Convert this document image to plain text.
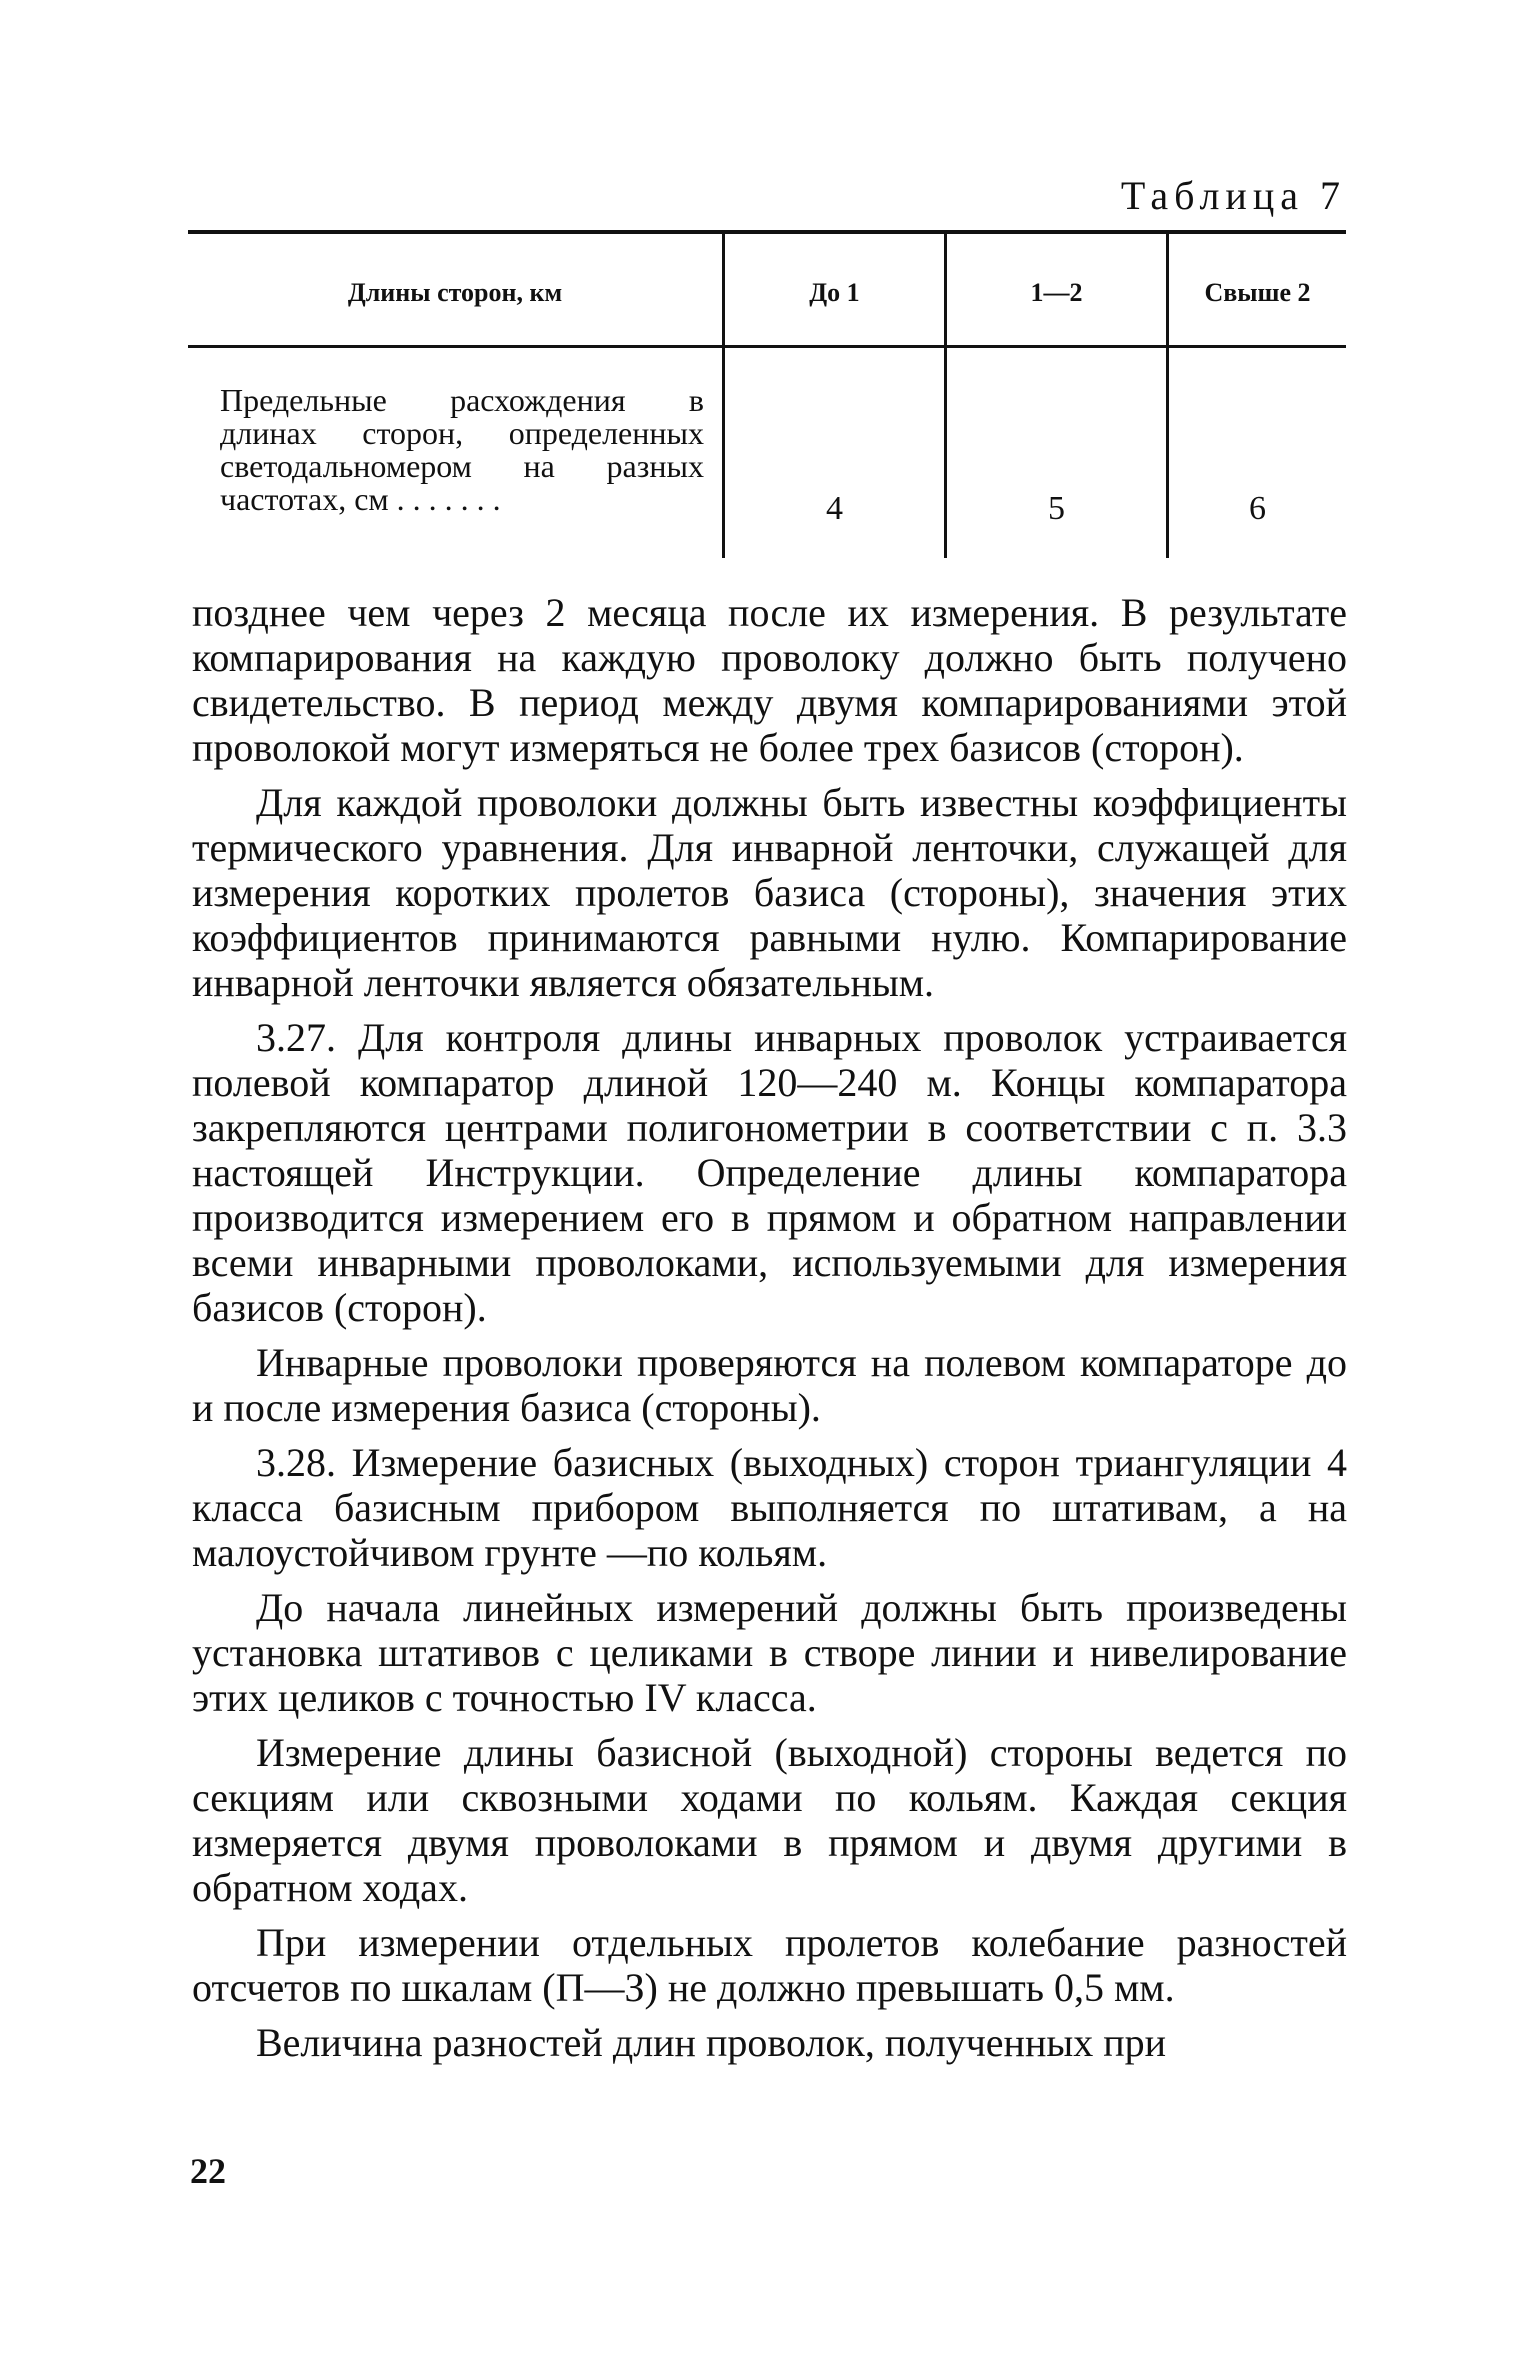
Таблица 7
Длины сторон, км	До 1	1—2	Свыше 2
Предельные расхождения в
длинах сторон, определенных
светодальномером на разных
частотах, см . . . . . . .	4	5	6

позднее чем через 2 месяца после их измерения. В результате компарирования на каждую проволоку должно быть получено свидетельство. В период между двумя компарированиями этой проволокой могут измеряться не более трех базисов (сторон).

Для каждой проволоки должны быть известны коэффициенты термического уравнения. Для инварной ленточки, служащей для измерения коротких пролетов базиса (стороны), значения этих коэффициентов принимаются равными нулю. Компарирование инварной ленточки является обязательным.

3.27. Для контроля длины инварных проволок устраивается полевой компаратор длиной 120—240 м. Концы компаратора закрепляются центрами полигонометрии в соответствии с п. 3.3 настоящей Инструкции. Определение длины компаратора производится измерением его в прямом и обратном направлении всеми инварными проволоками, используемыми для измерения базисов (сторон).

Инварные проволоки проверяются на полевом компараторе до и после измерения базиса (стороны).

3.28. Измерение базисных (выходных) сторон триангуляции 4 класса базисным прибором выполняется по штативам, а на малоустойчивом грунте —по кольям.

До начала линейных измерений должны быть произведены установка штативов с целиками в створе линии и нивелирование этих целиков с точностью IV класса.

Измерение длины базисной (выходной) стороны ведется по секциям или сквозными ходами по кольям. Каждая секция измеряется двумя проволоками в прямом и двумя другими в обратном ходах.

При измерении отдельных пролетов колебание разностей отсчетов по шкалам (П—З) не должно превышать 0,5 мм.

Величина разностей длин проволок, полученных при

22
